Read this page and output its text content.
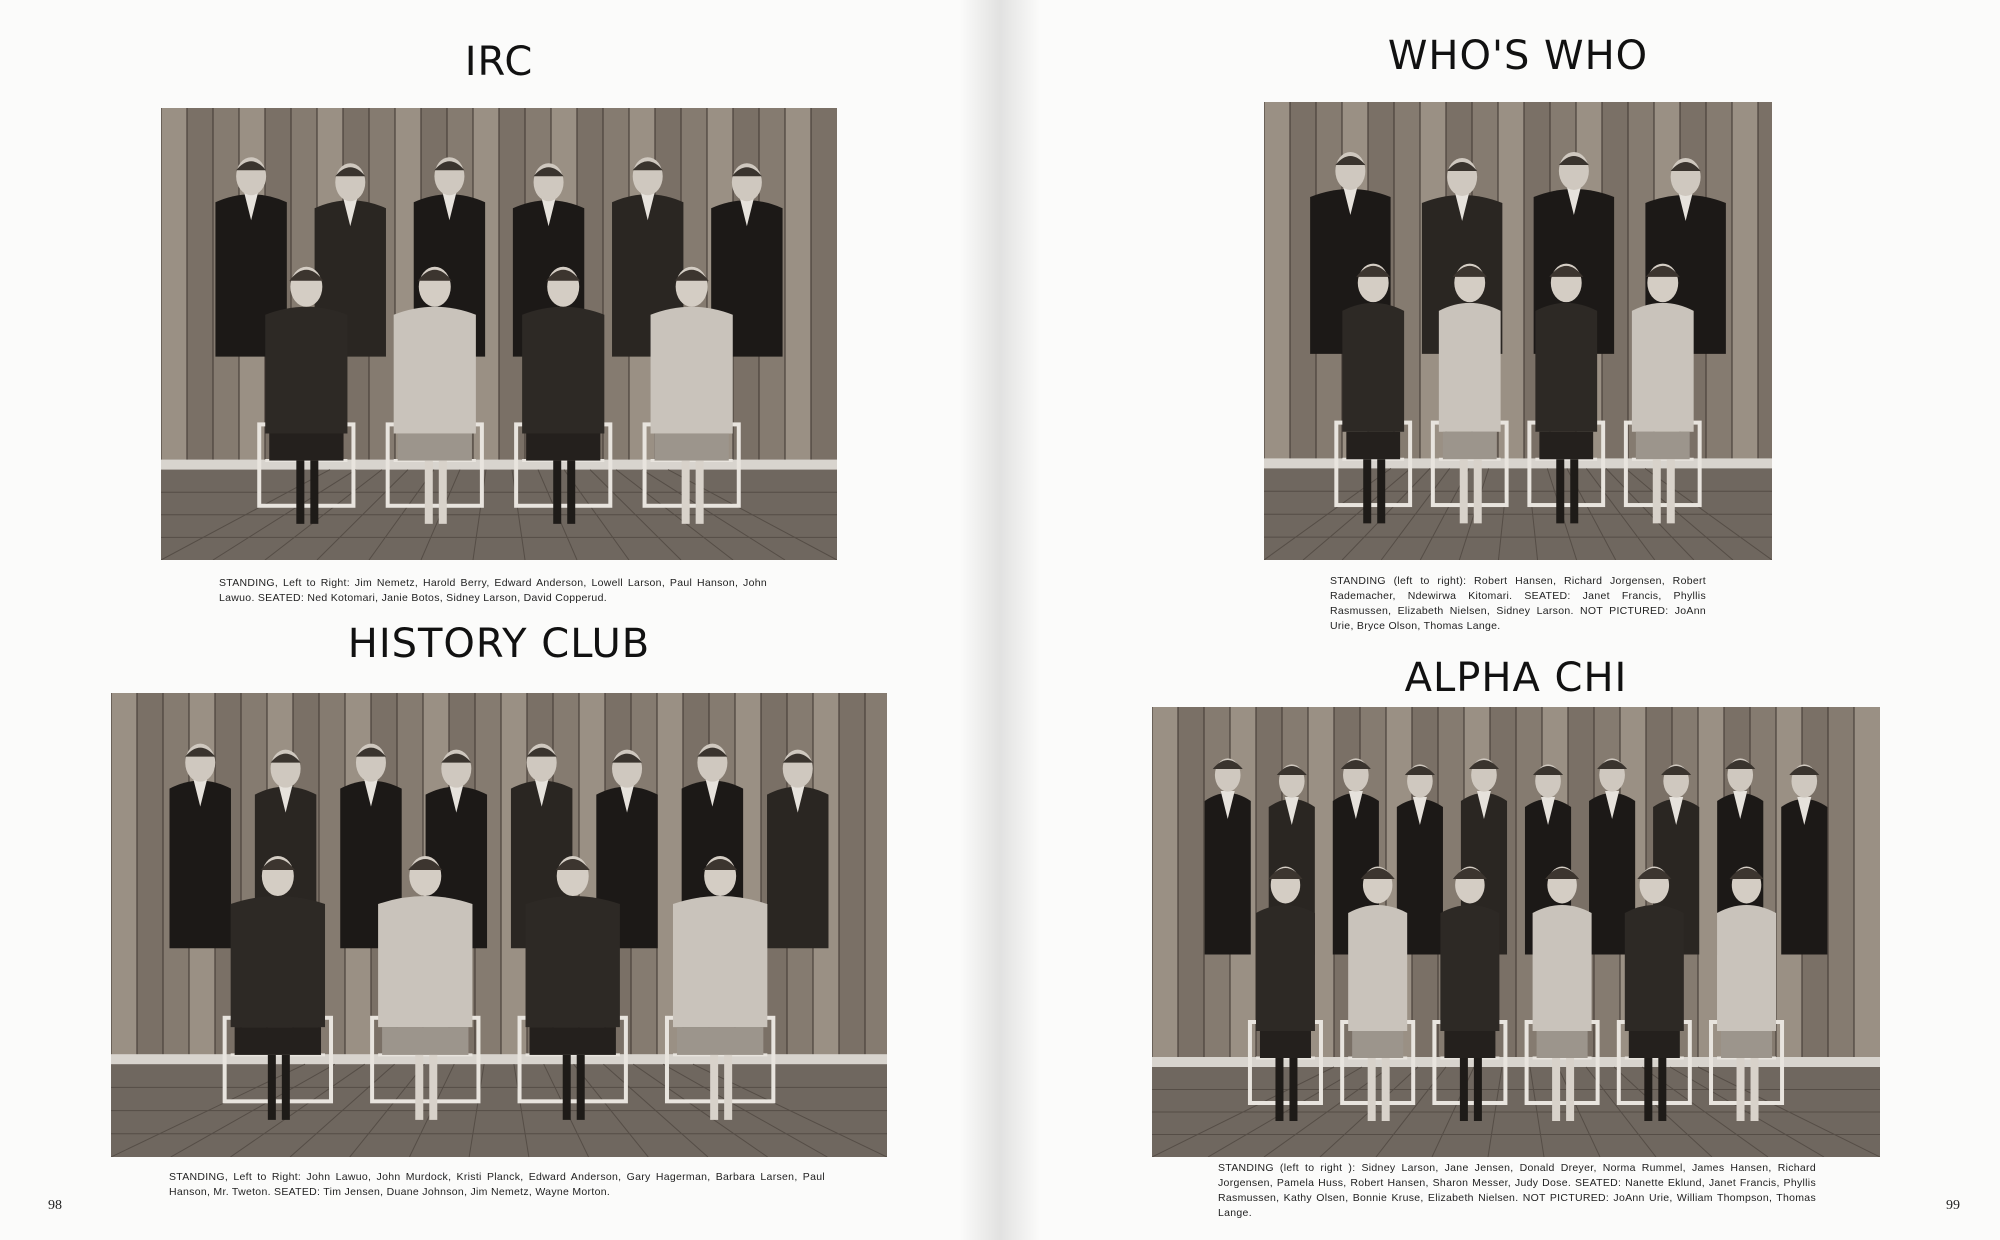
IRC

STANDING, Left to Right: Jim Nemetz, Harold Berry, Edward Anderson, Lowell Larson, Paul Hanson, John Lawuo. SEATED: Ned Kotomari, Janie Botos, Sidney Larson, David Copperud.

HISTORY CLUB

STANDING, Left to Right: John Lawuo, John Murdock, Kristi Planck, Edward Anderson, Gary Hagerman, Barbara Larsen, Paul Hanson, Mr. Tweton. SEATED: Tim Jensen, Duane Johnson, Jim Nemetz, Wayne Morton.

98
WHO'S WHO

STANDING (left to right): Robert Hansen, Richard Jorgensen, Robert Rademacher, Ndewirwa Kitomari. SEATED: Janet Francis, Phyllis Rasmussen, Elizabeth Nielsen, Sidney Larson. NOT PICTURED: JoAnn Urie, Bryce Olson, Thomas Lange.

ALPHA CHI

STANDING (left to right ): Sidney Larson, Jane Jensen, Donald Dreyer, Norma Rummel, James Hansen, Richard Jorgensen, Pamela Huss, Robert Hansen, Sharon Messer, Judy Dose. SEATED: Nanette Eklund, Janet Francis, Phyllis Rasmussen, Kathy Olsen, Bonnie Kruse, Elizabeth Nielsen. NOT PICTURED: JoAnn Urie, William Thompson, Thomas Lange.	99
